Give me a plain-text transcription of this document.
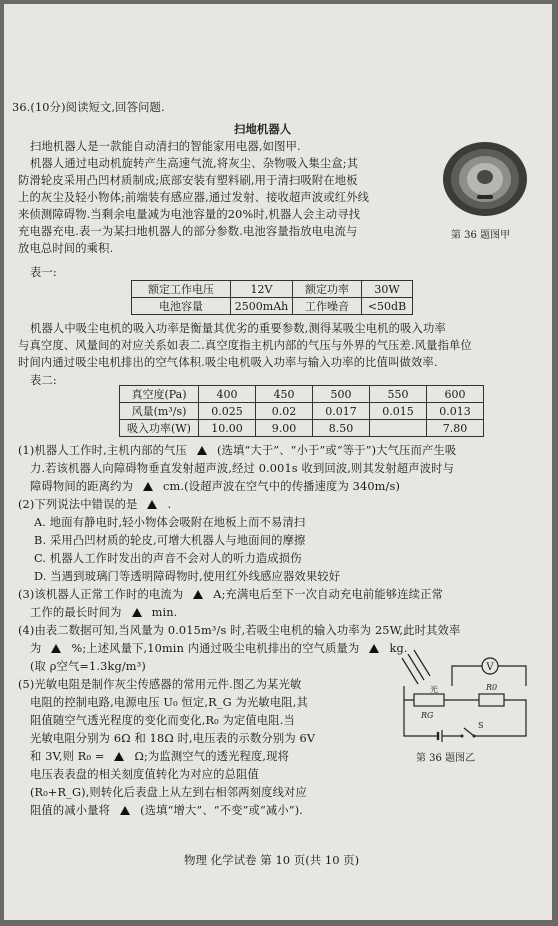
36.(10分)阅读短文,回答问题.
扫地机器人
扫地机器人是一款能自动清扫的智能家用电器,如图甲.
机器人通过电动机旋转产生高速气流,将灰尘、杂物吸入集尘盒;其
防滑轮皮采用凸凹材质制成;底部安装有塑料刷,用于清扫吸附在地板
上的灰尘及轻小物体;前端装有感应器,通过发射、接收超声波或红外线
来侦测障碍物.当剩余电量减为电池容量的20%时,机器人会主动寻找
充电器充电.表一为某扫地机器人的部分参数.电池容量指放电电流与
放电总时间的乘积.
第 36 题图甲
表一:
额定工作电压	12V	额定功率	30W
电池容量	2500mAh	工作噪音	<50dB
机器人中吸尘电机的吸入功率是衡量其优劣的重要参数,测得某吸尘电机的吸入功率
与真空度、风量间的对应关系如表二.真空度指主机内部的气压与外界的气压差.风量指单位
时间内通过吸尘电机排出的空气体积.吸尘电机吸入功率与输入功率的比值叫做效率.
表二:
真空度(Pa)	400	450	500	550	600
风量(m³/s)	0.025	0.02	0.017	0.015	0.013
吸入功率(W)	10.00	9.00	8.50		7.80
(1)机器人工作时,主机内部的气压	(选填“大于”、“小于”或“等于”)大气压而产生吸
力.若该机器人向障碍物垂直发射超声波,经过 0.001s 收到回波,则其发射超声波时与
障碍物间的距离约为	cm.(设超声波在空气中的传播速度为 340m/s)
(2)下列说法中错误的是	.
A. 地面有静电时,轻小物体会吸附在地板上而不易清扫
B. 采用凸凹材质的轮皮,可增大机器人与地面间的摩擦
C. 机器人工作时发出的声音不会对人的听力造成损伤
D. 当遇到玻璃门等透明障碍物时,使用红外线感应器效果较好
(3)该机器人正常工作时的电流为	A;充满电后至下一次自动充电前能够连续正常
工作的最长时间为	min.
(4)由表二数据可知,当风量为 0.015m³/s 时,若吸尘电机的输入功率为 25W,此时其效率
为	%;上述风量下,10min 内通过吸尘电机排出的空气质量为	kg.
(取 ρ空气=1.3kg/m³)
(5)光敏电阻是制作灰尘传感器的常用元件.图乙为某光敏
电阻的控制电路,电源电压 U₀ 恒定,R_G 为光敏电阻,其
阻值随空气透光程度的变化而变化,R₀ 为定值电阻.当
光敏电阻分别为 6Ω 和 18Ω 时,电压表的示数分别为 6V
和 3V,则 R₀ =	Ω;为监测空气的透光程度,现将
电压表表盘的相关刻度值转化为对应的总阻值
(R₀+R_G),则转化后表盘上从左到右相邻两刻度线对应
阻值的减小量将	(选填“增大”、“不变”或“减小”).
V
光
RG
R0
S
第 36 题图乙
物理 化学试卷 第 10 页(共 10 页)
